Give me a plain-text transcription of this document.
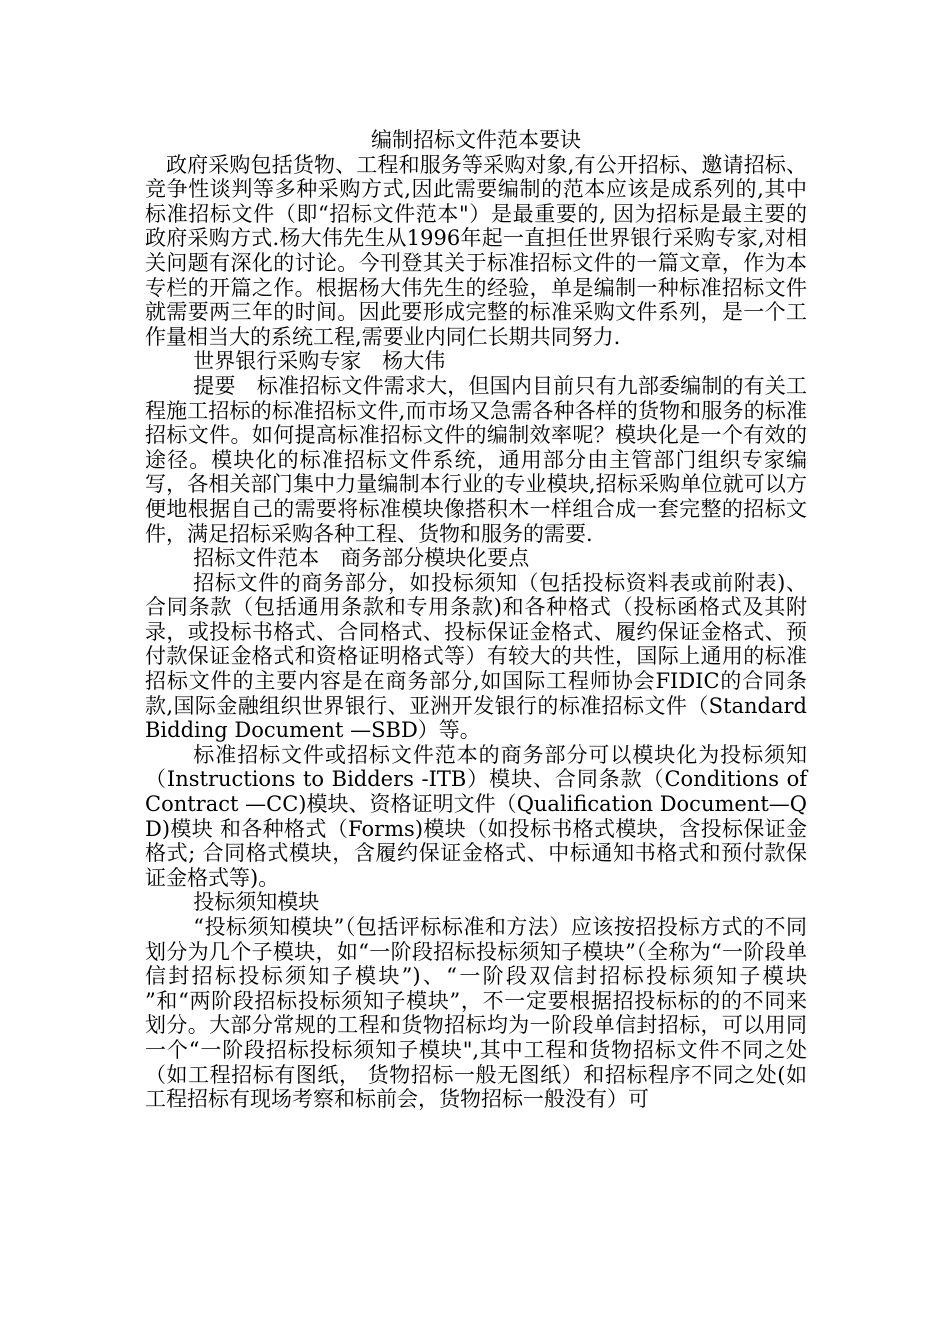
编制招标文件范本要诀

政府采购包括货物、工程和服务等采购对象,有公开招标、邀请招标、竞争性谈判等多种采购方式,因此需要编制的范本应该是成系列的,其中标准招标文件（即“招标文件范本"）是最重要的, 因为招标是最主要的政府采购方式.杨大伟先生从1996年起一直担任世界银行采购专家,对相关问题有深化的讨论。今刊登其关于标准招标文件的一篇文章，作为本专栏的开篇之作。根据杨大伟先生的经验，单是编制一种标准招标文件就需要两三年的时间。因此要形成完整的标准采购文件系列，是一个工作量相当大的系统工程,需要业内同仁长期共同努力.

世界银行采购专家　杨大伟

提要　标准招标文件需求大，但国内目前只有九部委编制的有关工程施工招标的标准招标文件,而市场又急需各种各样的货物和服务的标准招标文件。如何提高标准招标文件的编制效率呢？模块化是一个有效的途径。模块化的标准招标文件系统，通用部分由主管部门组织专家编写，各相关部门集中力量编制本行业的专业模块,招标采购单位就可以方便地根据自己的需要将标准模块像搭积木一样组合成一套完整的招标文件，满足招标采购各种工程、货物和服务的需要.

招标文件范本　商务部分模块化要点

招标文件的商务部分，如投标须知（包括投标资料表或前附表)、合同条款（包括通用条款和专用条款)和各种格式（投标函格式及其附录，或投标书格式、合同格式、投标保证金格式、履约保证金格式、预付款保证金格式和资格证明格式等）有较大的共性，国际上通用的标准招标文件的主要内容是在商务部分,如国际工程师协会FIDIC的合同条款,国际金融组织世界银行、亚洲开发银行的标准招标文件（Standard Bidding Document —SBD）等。

标准招标文件或招标文件范本的商务部分可以模块化为投标须知（Instructions to Bidders -ITB）模块、合同条款（Conditions of Contract —CC)模块、资格证明文件（Qualification Document—QD)模块 和各种格式（Forms)模块（如投标书格式模块，含投标保证金格式; 合同格式模块，含履约保证金格式、中标通知书格式和预付款保证金格式等)。

投标须知模块

“投标须知模块”（包括评标标准和方法）应该按招投标方式的不同划分为几个子模块，如“一阶段招标投标须知子模块”（全称为“一阶段单信封招标投标须知子模块”)、“一阶段双信封招标投标须知子模块 ”和“两阶段招标投标须知子模块”，不一定要根据招投标标的的不同来划分。大部分常规的工程和货物招标均为一阶段单信封招标，可以用同一个“一阶段招标投标须知子模块",其中工程和货物招标文件不同之处（如工程招标有图纸， 货物招标一般无图纸）和招标程序不同之处(如工程招标有现场考察和标前会，货物招标一般没有）可
